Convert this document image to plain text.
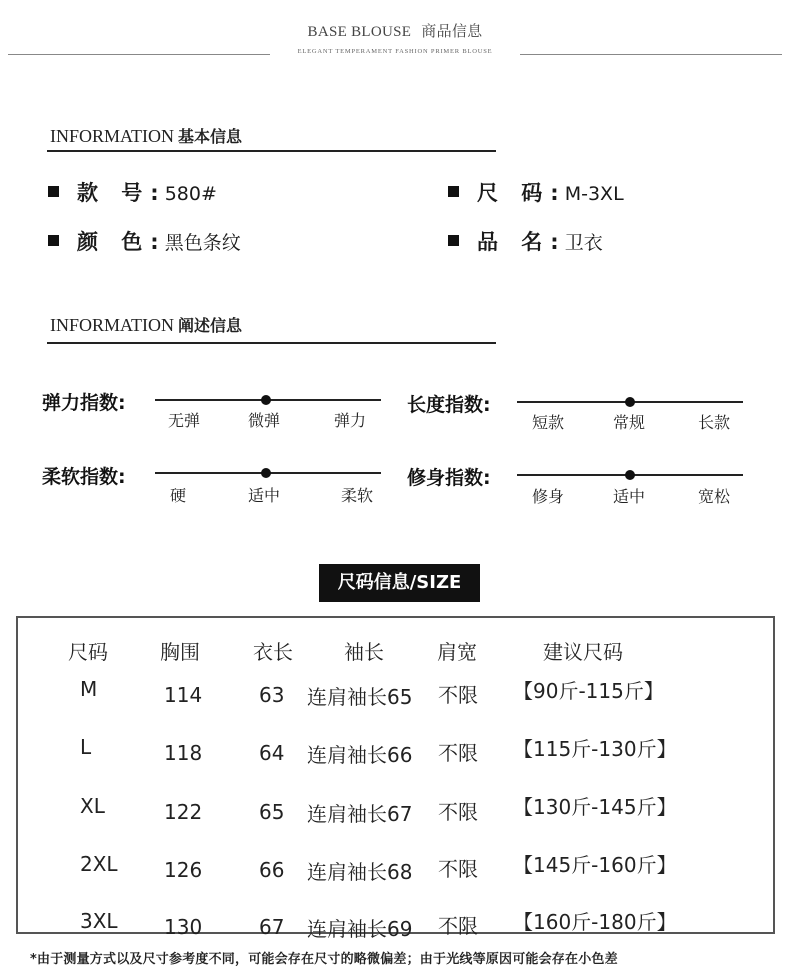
BASE BLOUSE 商品信息
ELEGANT TEMPERAMENT FASHION PRIMER BLOUSE
INFORMATION 基本信息
款 号:580#	尺 码:M-3XL
颜 色:黑色条纹	品 名:卫衣
INFORMATION 阐述信息
弹力指数:
无弹	微弹	弹力
长度指数:
短款	常规	长款
柔软指数:
硬	适中	柔软
修身指数:
修身	适中	宽松
尺码信息/SIZE
尺码	胸围	衣长	袖长	肩宽	建议尺码
M	114	63 连肩袖长65 不限 【90斤-115斤】
L	118	64 连肩袖长66 不限 【115斤-130斤】
XL	122	65 连肩袖长67 不限 【130斤-145斤】
2XL 126	66 连肩袖长68 不限 【145斤-160斤】
3XL 130	67 连肩袖长69 不限 【160斤-180斤】
*由于测量方式以及尺寸参考度不同，可能会存在尺寸的略微偏差；由于光线等原因可能会存在小色差
